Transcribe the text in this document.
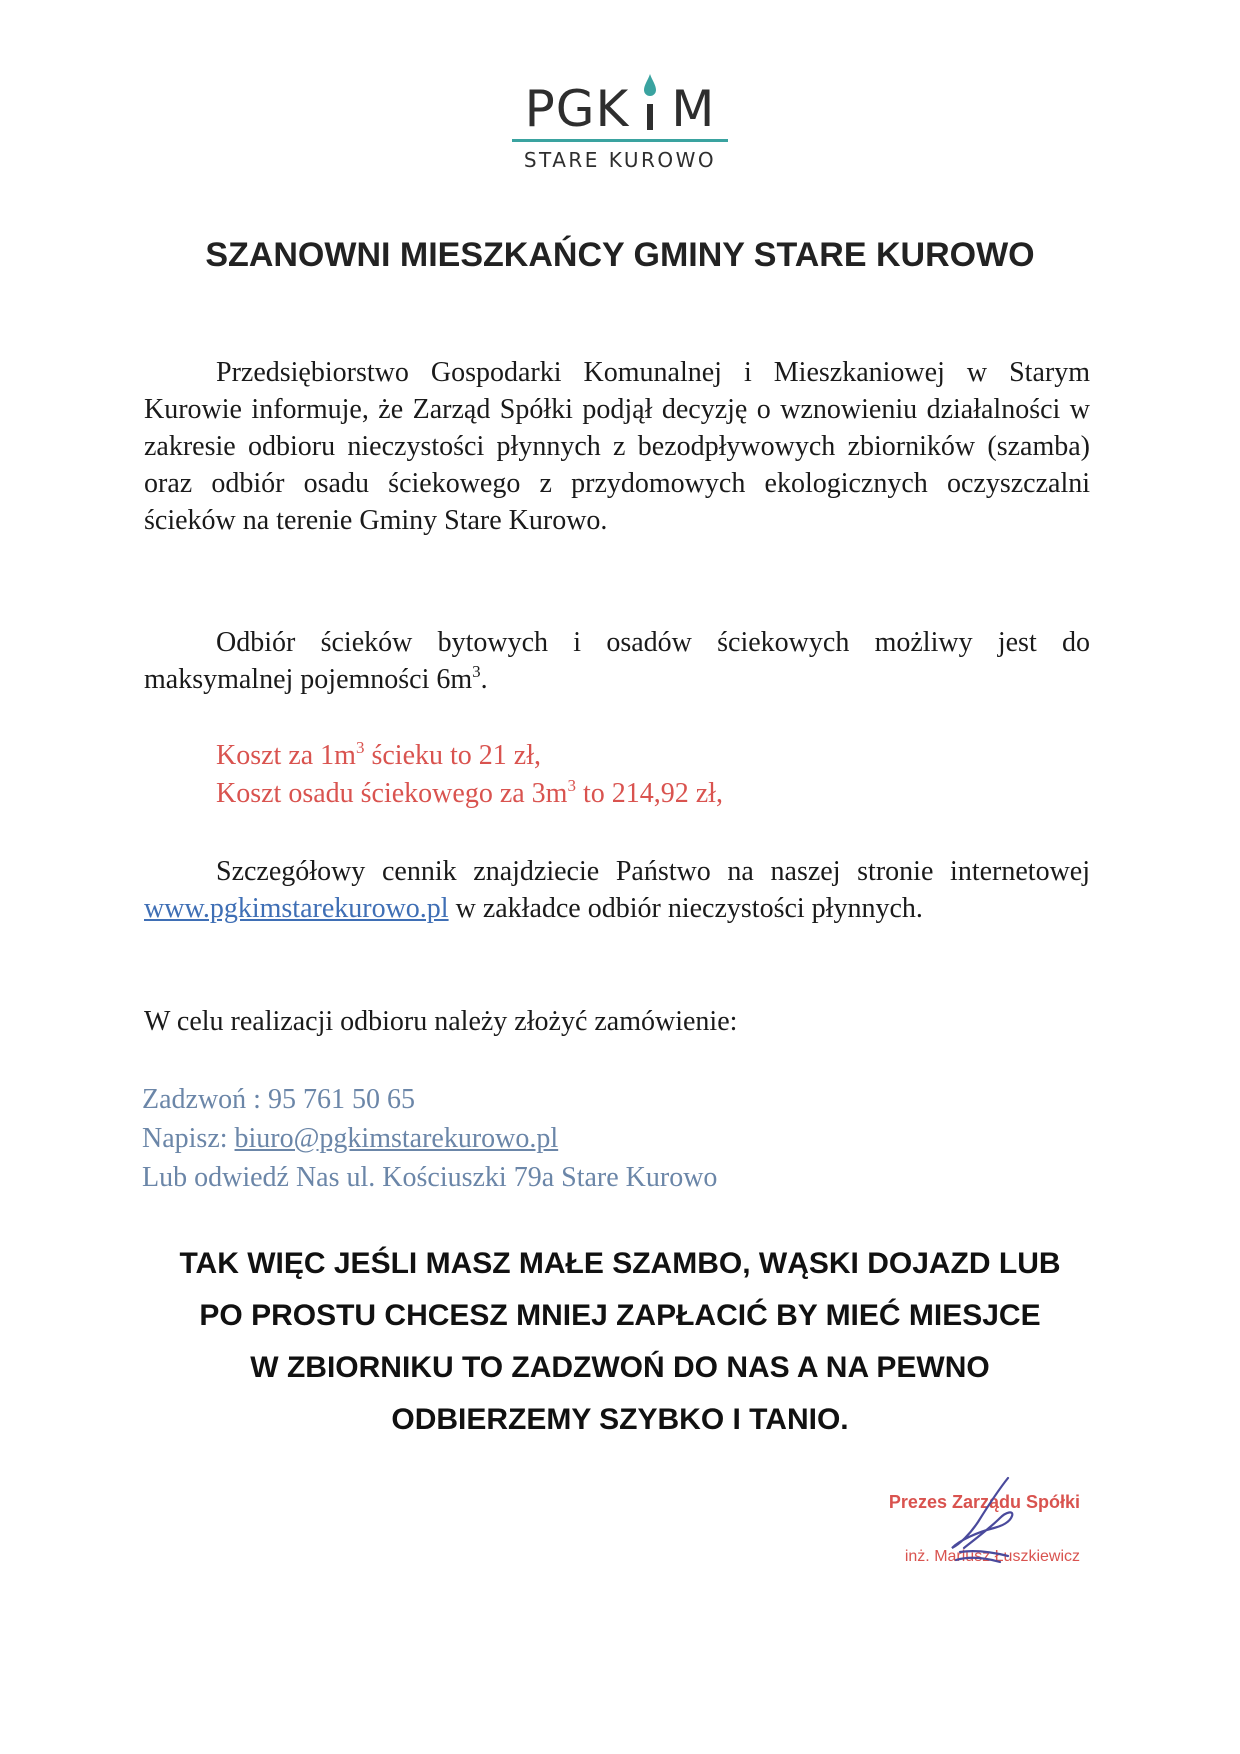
PGK M
STARE KUROWO
SZANOWNI MIESZKAŃCY GMINY STARE KUROWO
Przedsiębiorstwo Gospodarki Komunalnej i Mieszkaniowej w Starym Kurowie informuje, że Zarząd Spółki podjął decyzję o wznowieniu działalności w zakresie odbioru nieczystości płynnych z bezodpływowych zbiorników (szamba) oraz odbiór osadu ściekowego z przydomowych ekologicznych oczyszczalni ścieków na terenie Gminy Stare Kurowo.
Odbiór ścieków bytowych i osadów ściekowych możliwy jest do maksymalnej pojemności $6m^3$.
Koszt za $1m^3$ ścieku to 21 zł,
Koszt osadu ściekowego za $3m^3$ to 214,92 zł,
Szczegółowy cennik znajdziecie Państwo na naszej stronie internetowej www.pgkimstarekurowo.pl w zakładce odbiór nieczystości płynnych.
W celu realizacji odbioru należy złożyć zamówienie:
Zadzwoń : 95 761 50 65
Napisz: biuro@pgkimstarekurowo.pl
Lub odwiedź Nas ul. Kościuszki 79a Stare Kurowo
TAK WIĘC JEŚLI MASZ MAŁE SZAMBO, WĄSKI DOJAZD LUB
PO PROSTU CHCESZ MNIEJ ZAPŁACIĆ BY MIEĆ MIESJCE
W ZBIORNIKU TO ZADZWOŃ DO NAS A NA PEWNO
ODBIERZEMY SZYBKO I TANIO.
Prezes Zarządu Spółki
inż. Mariusz Łuszkiewicz
